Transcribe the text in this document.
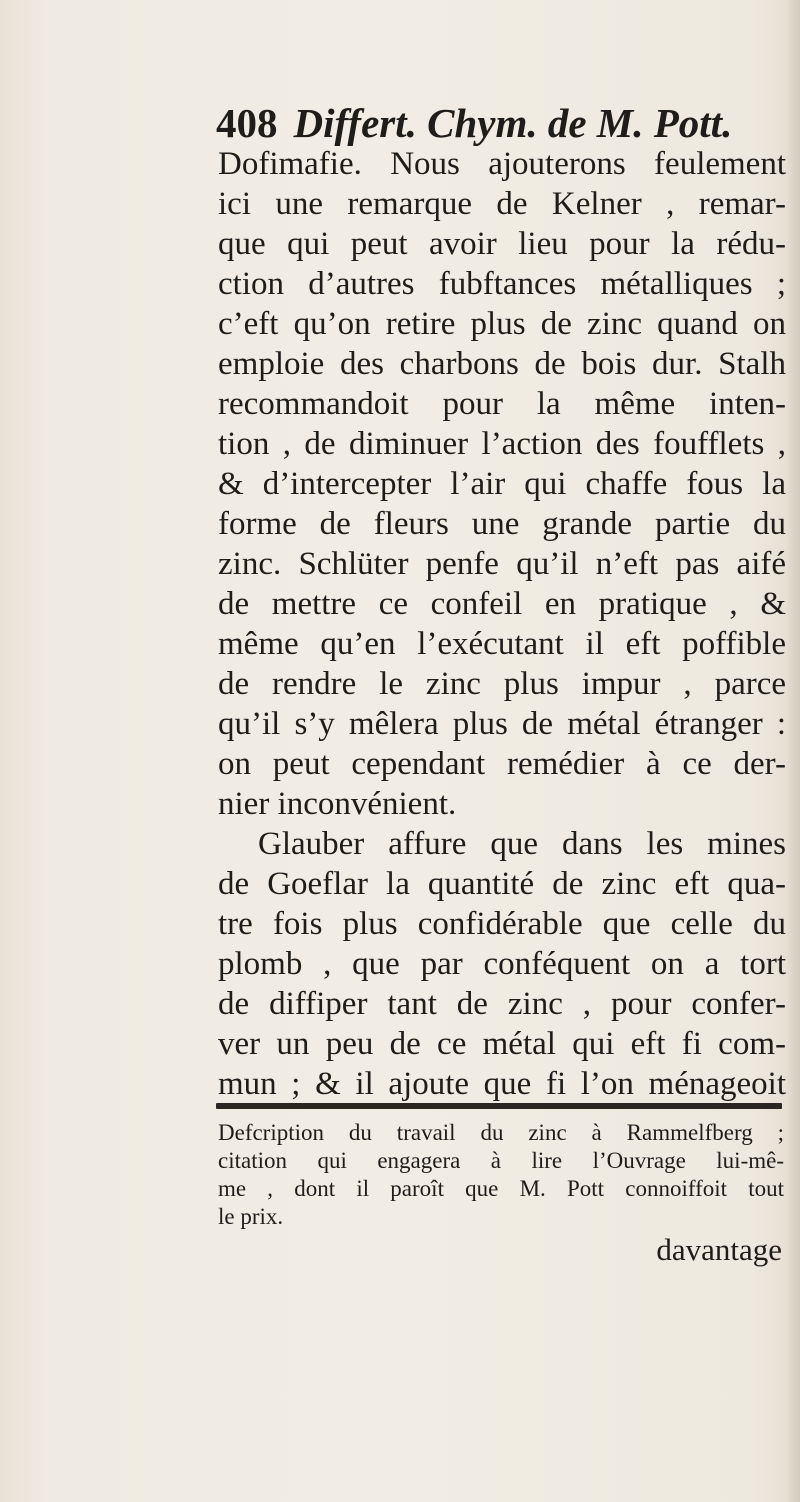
408 Differt. Chym. de M. Pott.
Dofimafie. Nous ajouterons feulement
ici une remarque de Kelner , remar-
que qui peut avoir lieu pour la rédu-
ction d’autres fubftances métalliques ;
c’eft qu’on retire plus de zinc quand on
emploie des charbons de bois dur. Stalh
recommandoit pour la même inten-
tion , de diminuer l’action des foufflets ,
& d’intercepter l’air qui chaffe fous la
forme de fleurs une grande partie du
zinc. Schlüter penfe qu’il n’eft pas aifé
de mettre ce confeil en pratique , &
même qu’en l’exécutant il eft poffible
de rendre le zinc plus impur , parce
qu’il s’y mêlera plus de métal étranger :
on peut cependant remédier à ce der-
nier inconvénient.
Glauber affure que dans les mines
de Goeflar la quantité de zinc eft qua-
tre fois plus confidérable que celle du
plomb , que par conféquent on a tort
de diffiper tant de zinc , pour confer-
ver un peu de ce métal qui eft fi com-
mun ; & il ajoute que fi l’on ménageoit
Defcription du travail du zinc à Rammelfberg ;
citation qui engagera à lire l’Ouvrage lui-mê-
me , dont il paroît que M. Pott connoiffoit tout
le prix.
davantage
